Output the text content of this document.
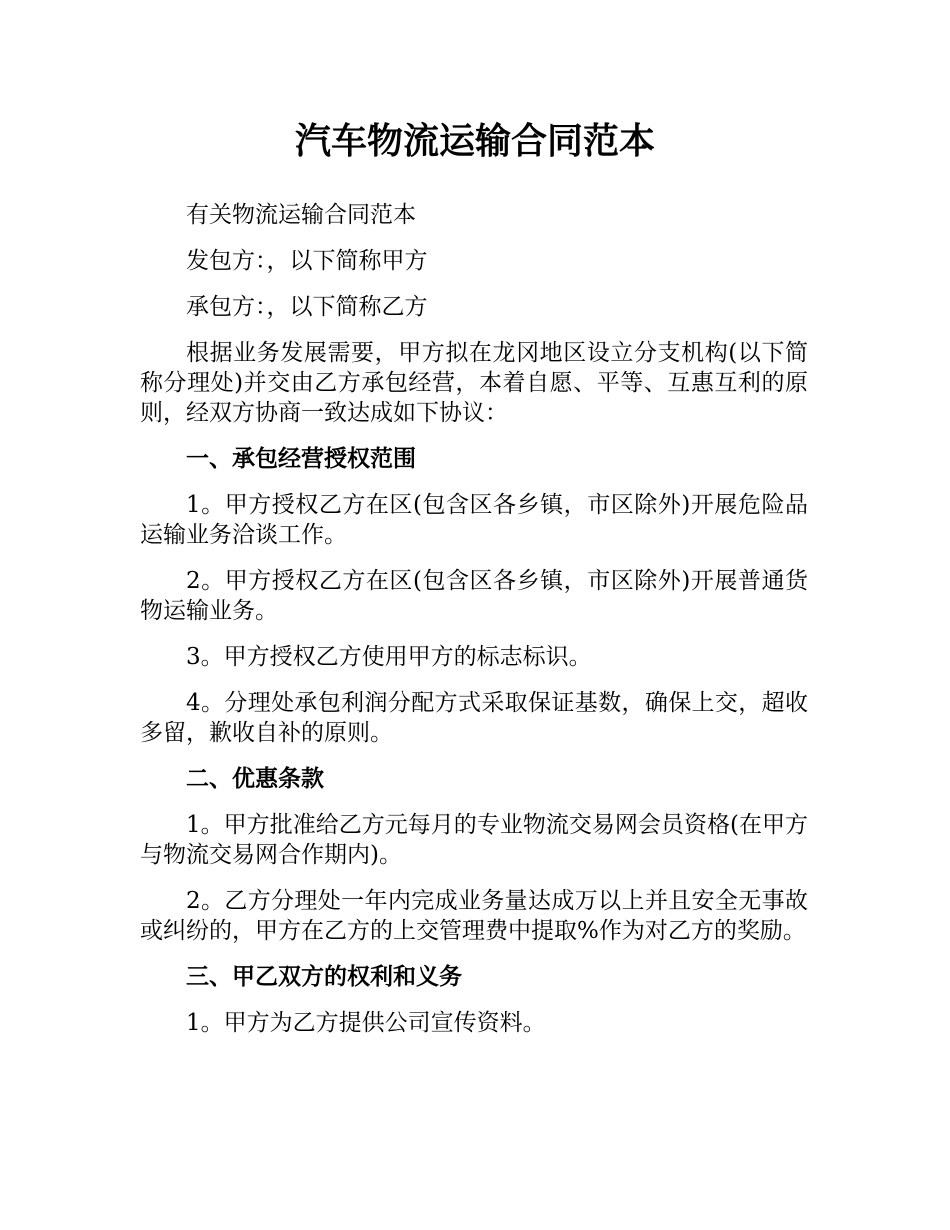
汽车物流运输合同范本

有关物流运输合同范本

发包方：，以下简称甲方

承包方：，以下简称乙方

根据业务发展需要，甲方拟在龙冈地区设立分支机构(以下简称分理处)并交由乙方承包经营，本着自愿、平等、互惠互利的原则，经双方协商一致达成如下协议：

一、承包经营授权范围

1。甲方授权乙方在区(包含区各乡镇，市区除外)开展危险品运输业务洽谈工作。

2。甲方授权乙方在区(包含区各乡镇，市区除外)开展普通货物运输业务。

3。甲方授权乙方使用甲方的标志标识。

4。分理处承包利润分配方式采取保证基数，确保上交，超收多留，歉收自补的原则。

二、优惠条款

1。甲方批准给乙方元每月的专业物流交易网会员资格(在甲方与物流交易网合作期内)。

2。乙方分理处一年内完成业务量达成万以上并且安全无事故或纠纷的，甲方在乙方的上交管理费中提取%作为对乙方的奖励。

三、甲乙双方的权利和义务

1。甲方为乙方提供公司宣传资料。
